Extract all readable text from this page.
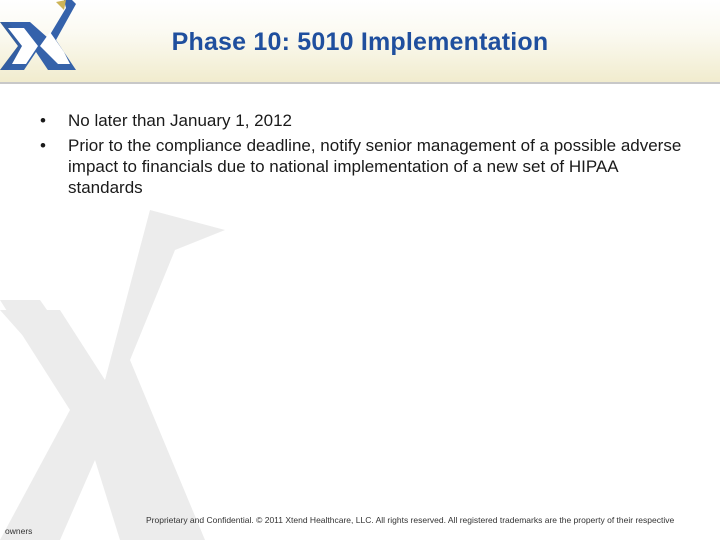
Phase 10: 5010 Implementation
• No later than January 1, 2012
• Prior to the compliance deadline, notify senior management of a possible adverse impact to financials due to national implementation of a new set of HIPAA standards
Proprietary and Confidential. © 2011 Xtend Healthcare, LLC. All rights reserved. All registered trademarks are the property of their respective
owners
